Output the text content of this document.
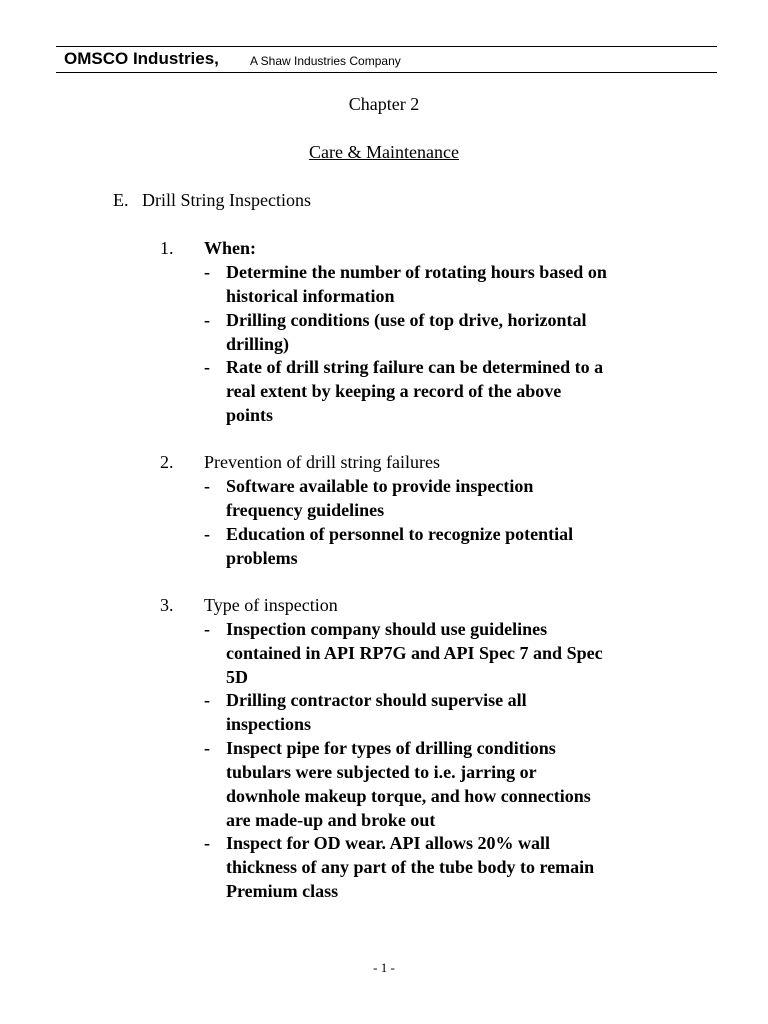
OMSCO Industries,	A Shaw Industries Company
Chapter 2
Care & Maintenance
E. Drill String Inspections
1. When:
- Determine the number of rotating hours based on
historical information
- Drilling conditions (use of top drive, horizontal
drilling)
- Rate of drill string failure can be determined to a
real extent by keeping a record of the above
points
2. Prevention of drill string failures
- Software available to provide inspection
frequency guidelines
- Education of personnel to recognize potential
problems
3. Type of inspection
- Inspection company should use guidelines
contained in API RP7G and API Spec 7 and Spec
5D
- Drilling contractor should supervise all
inspections
- Inspect pipe for types of drilling conditions
tubulars were subjected to i.e. jarring or
downhole makeup torque, and how connections
are made-up and broke out
- Inspect for OD wear. API allows 20% wall
thickness of any part of the tube body to remain
Premium class
- 1 -
